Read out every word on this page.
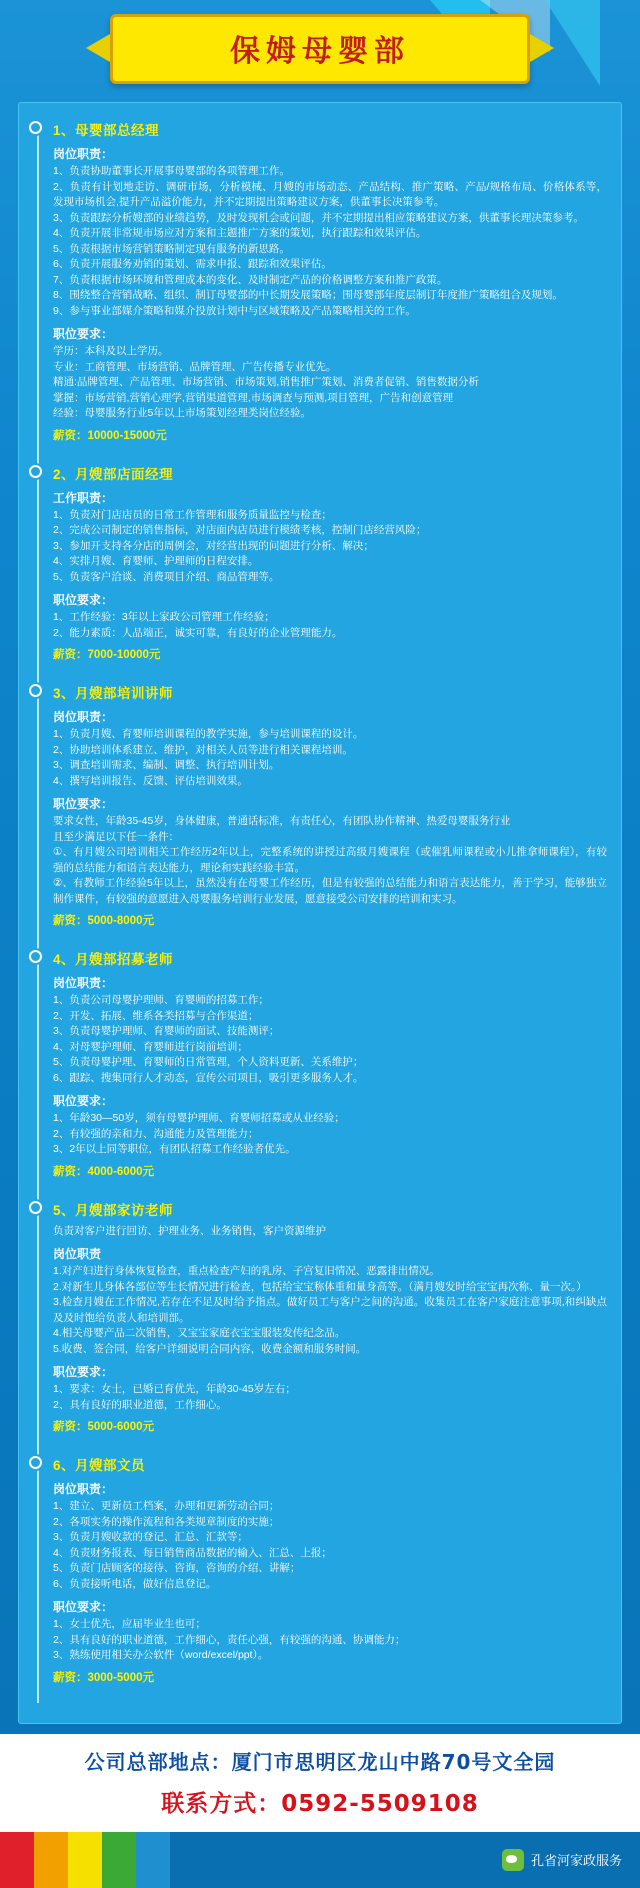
保姆母婴部
1、母婴部总经理
岗位职责：

1、负责协助董事长开展事母婴部的各项管理工作。

2、负责有计划地走访、调研市场，分析模械、月嫂的市场动态、产品结构、推广策略、产品/规格布局、价格体系等，发现市场机会,提升产品溢价能力，并不定期提出策略建议方案，供董事长决策参考。

3、负责跟踪分析嫂部的业绩趋势，及时发现机会或问题，并不定期提出相应策略建议方案，供董事长理决策参考。

4、负责开展非常规市场应对方案和主题推广方案的策划，执行跟踪和效果评估。

5、负责根据市场营销策略制定现有服务的新思路。

6、负责开展服务劝销的策划、需求申报、跟踪和效果评估。

7、负责根据市场环境和管理成本的变化、及时制定产品的价格调整方案和推广政策。

8、围绕整合营销战略、组织、制订母婴部的中长期发展策略；围母婴部年度层制订年度推广策略组合及规划。

9、参与事业部媒介策略和媒介投放计划中与区域策略及产品策略相关的工作。

职位要求：

学历：本科及以上学历。

专业：工商管理、市场营销、品牌管理、广告传播专业优先。

精通:品牌管理、产品管理、市场营销、市场策划,销售推广策划、消费者促销、销售数据分析

掌握：市场营销,营销心理学,营销渠道管理,市场调查与预测,项目管理，广告和创意管理

经验：母婴服务行业5年以上市场策划经理类岗位经验。

薪资：10000-15000元
2、月嫂部店面经理
工作职责：

1、负责对门店店员的日常工作管理和服务质量监控与检查；

2、完成公司制定的销售指标，对店面内店员进行模绩考核，控制门店经营风险；

3、参加开支持各分店的周例会，对经营出现的问题进行分析、解决；

4、实排月嫂、育婴师、护理师的日程安排。

5、负责客户洽谈、消费项目介绍、商品管理等。

职位要求：

1、工作经验：3年以上家政公司管理工作经验；

2、能力素质：人品端正，诚实可靠，有良好的企业管理能力。

薪资：7000-10000元
3、月嫂部培训讲师
岗位职责：

1、负责月嫂、育婴师培训课程的教学实施，参与培训课程的设计。

2、协助培训体系建立、维护，对相关人员等进行相关课程培训。

3、调查培训需求、编制、调整、执行培训计划。

4、撰写培训报告、反馈、评估培训效果。

职位要求：

要求女性，年龄35-45岁，身体健康，普通话标准，有责任心，有团队协作精神、热爱母婴服务行业

且至少满足以下任一条件：

①、有月嫂公司培训相关工作经历2年以上，完整系统的讲授过高级月嫂课程（或催乳师课程或小儿推拿师课程），有较强的总结能力和语言表达能力，理论和实践经验丰富。

②、有教师工作经验5年以上，虽然没有在母婴工作经历，但是有较强的总结能力和语言表达能力，善于学习，能够独立制作课件，有较强的意愿进入母婴服务培训行业发展，愿意接受公司安排的培训和实习。

薪资：5000-8000元
4、月嫂部招募老师
岗位职责：

1、负责公司母婴护理师、育婴师的招募工作；

2、开发、拓展、维系各类招募与合作渠道；

3、负责母婴护理师、育婴师的面试、技能测评；

4、对母婴护理师、育婴师进行岗前培训；

5、负责母婴护理、育婴师的日常管理，个人资料更新、关系维护；

6、跟踪、搜集同行人才动态，宣传公司项目，吸引更多服务人才。

职位要求：

1、年龄30—50岁，须有母婴护理师、育婴师招募或从业经验；

2、有较强的亲和力、沟通能力及管理能力；

3、2年以上同等职位，有团队招募工作经验者优先。

薪资：4000-6000元
5、月嫂部家访老师

负责对客户进行回访、护理业务、业务销售，客户资源维护

岗位职责

1.对产妇进行身体恢复检查，重点检查产妇的乳房、子宫复旧情况、恶露排出情况。

2.对新生儿身体各部位等生长情况进行检查，包括给宝宝称体重和量身高等。（满月嫂发时给宝宝再次称、量一次。）

3.检查月嫂在工作情况,若存在不足及时给予指点。做好员工与客户之间的沟通。收集员工在客户家庭注意事项,和纠缺点及及时饱给负责人和培训部。

4.相关母婴产品二次销售，又宝宝家庭衣宝宝服装发传纪念品。

5.收费、签合同，给客户详细说明合同内容，收费金额和服务时间。

职位要求：

1、要求：女士，已婚已育优先，年龄30-45岁左右；

2、具有良好的职业道德，工作细心。

薪资：5000-6000元
6、月嫂部文员
岗位职责：

1、建立、更新员工档案，办理和更新劳动合同；

2、各项实务的操作流程和各类规章制度的实施；

3、负责月嫂收款的登记、汇总、汇款等；

4、负责财务报表、每日销售商品数据的输入、汇总、上报；

5、负责门店顾客的接待、咨询，咨询的介绍、讲解；

6、负责接听电话，做好信息登记。

职位要求：

1、女士优先，应届毕业生也可；

2、具有良好的职业道德，工作细心，责任心强，有较强的沟通、协调能力；

3、熟练使用相关办公软件（word/excel/ppt）。

薪资：3000-5000元
公司总部地点：厦门市思明区龙山中路70号文全园
联系方式：0592-5509108
孔省河家政服务
